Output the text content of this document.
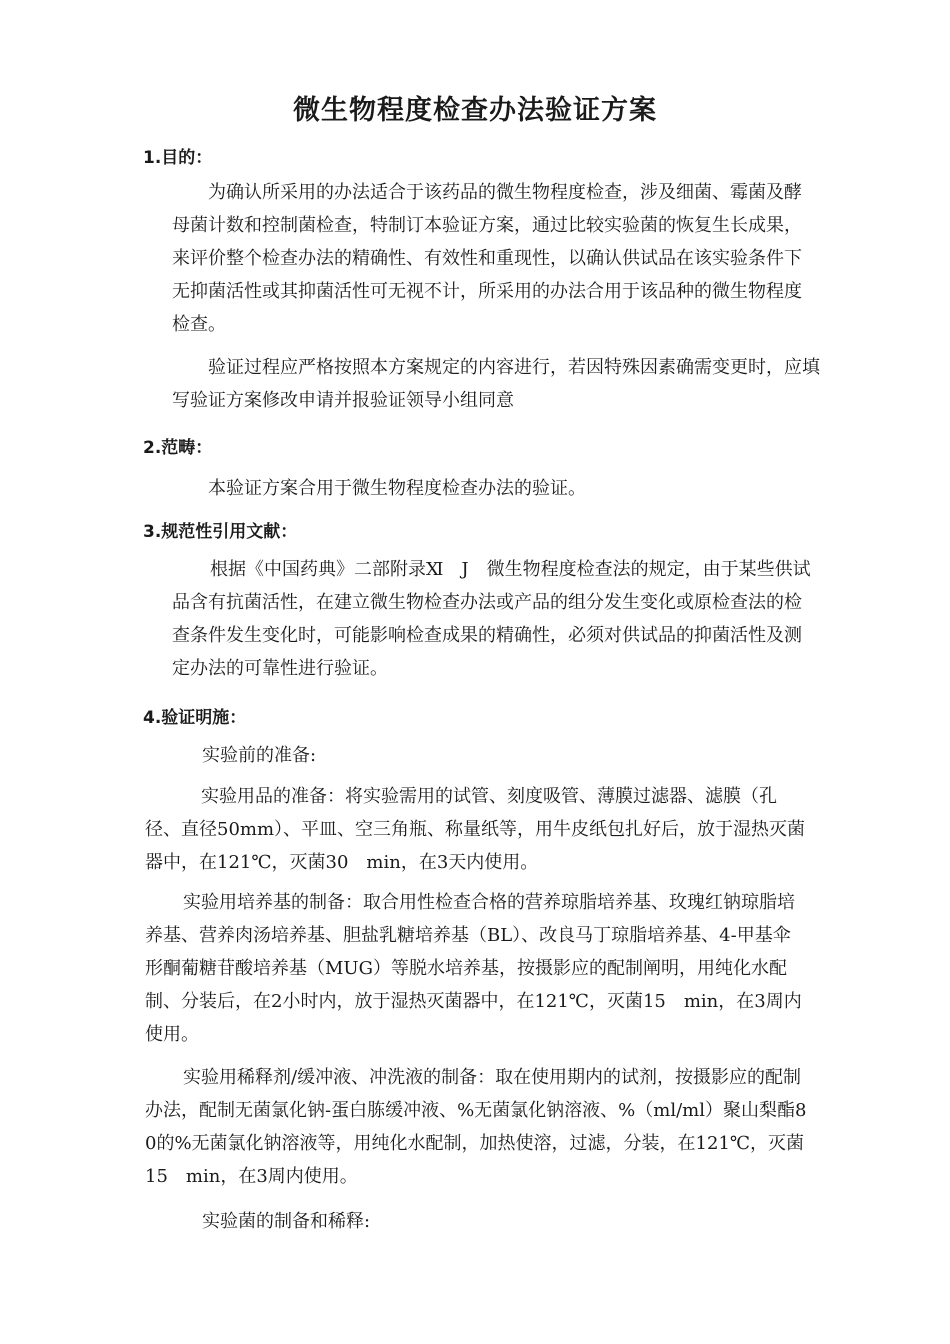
微生物程度检查办法验证方案
1.目的：

为确认所采用的办法适合于该药品的微生物程度检查，涉及细菌、霉菌及酵母菌计数和控制菌检查，特制订本验证方案，通过比较实验菌的恢复生长成果，来评价整个检查办法的精确性、有效性和重现性，以确认供试品在该实验条件下无抑菌活性或其抑菌活性可无视不计，所采用的办法合用于该品种的微生物程度检查。

验证过程应严格按照本方案规定的内容进行，若因特殊因素确需变更时，应填写验证方案修改申请并报验证领导小组同意

2.范畴：

本验证方案合用于微生物程度检查办法的验证。

3.规范性引用文献：

根据《中国药典》二部附录Ⅺ　J　微生物程度检查法的规定，由于某些供试品含有抗菌活性，在建立微生物检查办法或产品的组分发生变化或原检查法的检查条件发生变化时，可能影响检查成果的精确性，必须对供试品的抑菌活性及测定办法的可靠性进行验证。

4.验证明施：

实验前的准备:

实验用品的准备：将实验需用的试管、刻度吸管、薄膜过滤器、滤膜（孔径、直径50mm）、平皿、空三角瓶、称量纸等，用牛皮纸包扎好后，放于湿热灭菌器中，在121℃，灭菌30　min，在3天内使用。

实验用培养基的制备：取合用性检查合格的营养琼脂培养基、玫瑰红钠琼脂培养基、营养肉汤培养基、胆盐乳糖培养基（BL）、改良马丁琼脂培养基、4-甲基伞形酮葡糖苷酸培养基（MUG）等脱水培养基，按摄影应的配制阐明，用纯化水配制、分装后，在2小时内，放于湿热灭菌器中，在121℃，灭菌15　min，在3周内使用。

实验用稀释剂/缓冲液、冲洗液的制备：取在使用期内的试剂，按摄影应的配制办法，配制无菌氯化钠-蛋白胨缓冲液、%无菌氯化钠溶液、%（ml/ml）聚山梨酯80的%无菌氯化钠溶液等，用纯化水配制，加热使溶，过滤，分装，在121℃，灭菌15　min，在3周内使用。

实验菌的制备和稀释:
